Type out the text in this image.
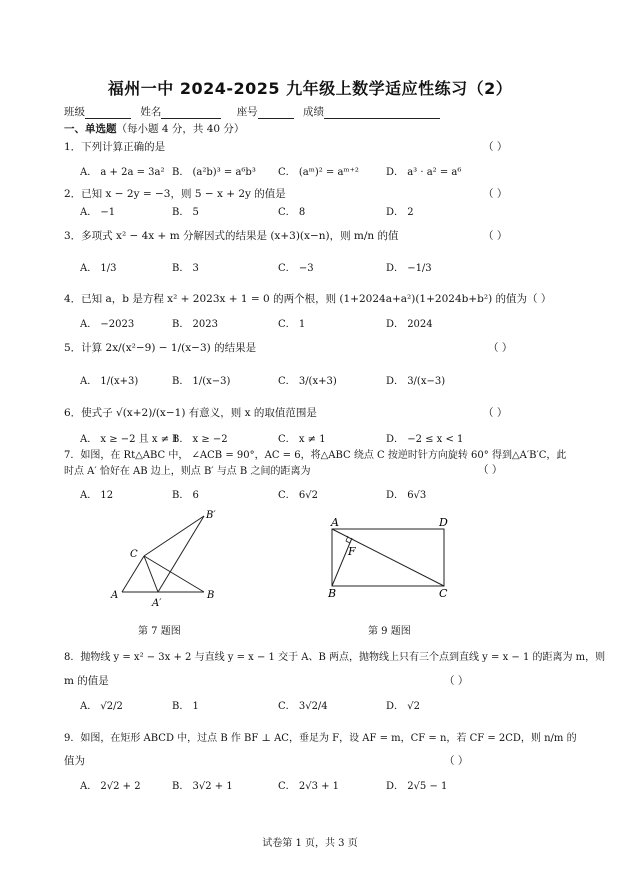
福州一中 2024-2025 九年级上数学适应性练习（2）
班级	姓名	座号	成绩
一、单选题（每小题 4 分，共 40 分）
1．下列计算正确的是	（ ）
A． a + 2a = 3a² B． (a²b)³ = a⁶b³ C． (aᵐ)² = aᵐ⁺²	D． a³ · a² = a⁶
2．已知 x − 2y = −3，则 5 − x + 2y 的值是	（ ）
A． −1	B． 5	C． 8	D． 2
3．多项式 x² − 4x + m 分解因式的结果是 (x+3)(x−n)，则 m/n 的值	（ ）
A． 1/3	B． 3	C． −3	D． −1/3
4．已知 a，b 是方程 x² + 2023x + 1 = 0 的两个根，则 (1+2024a+a²)(1+2024b+b²) 的值为（ ）
A． −2023	B． 2023	C． 1	D． 2024
5．计算 2x/(x²−9) − 1/(x−3) 的结果是	（ ）
A． 1/(x+3)	B． 1/(x−3)	C． 3/(x+3)	D． 3/(x−3)
6．使式子 √(x+2)/(x−1) 有意义，则 x 的取值范围是	（ ）
A． x ≥ −2 且 x ≠ 1
B． x ≥ −2	C． x ≠ 1	D． −2 ≤ x < 1
7．如图，在 Rt△ABC 中， ∠ACB = 90°，AC = 6，将△ABC 绕点 C 按逆时针方向旋转 60° 得到△A′B′C，此
时点 A′ 恰好在 AB 边上，则点 B′ 与点 B 之间的距离为	（ ）
A． 12	B． 6	C． 6√2	D． 6√3
B′
C
A
A′
B
第 7 题图
A	D
F
B	C
第 9 题图
8．抛物线 y = x² − 3x + 2 与直线 y = x − 1 交于 A、B 两点，抛物线上只有三个点到直线 y = x − 1 的距离为 m，则
m 的值是	（ ）
A． √2/2	B． 1	C． 3√2/4	D． √2
9．如图，在矩形 ABCD 中，过点 B 作 BF ⊥ AC，垂足为 F，设 AF = m，CF = n，若 CF = 2CD，则 n/m 的
值为	（ ）
A． 2√2 + 2	B． 3√2 + 1	C． 2√3 + 1	D． 2√5 − 1
试卷第 1 页，共 3 页
